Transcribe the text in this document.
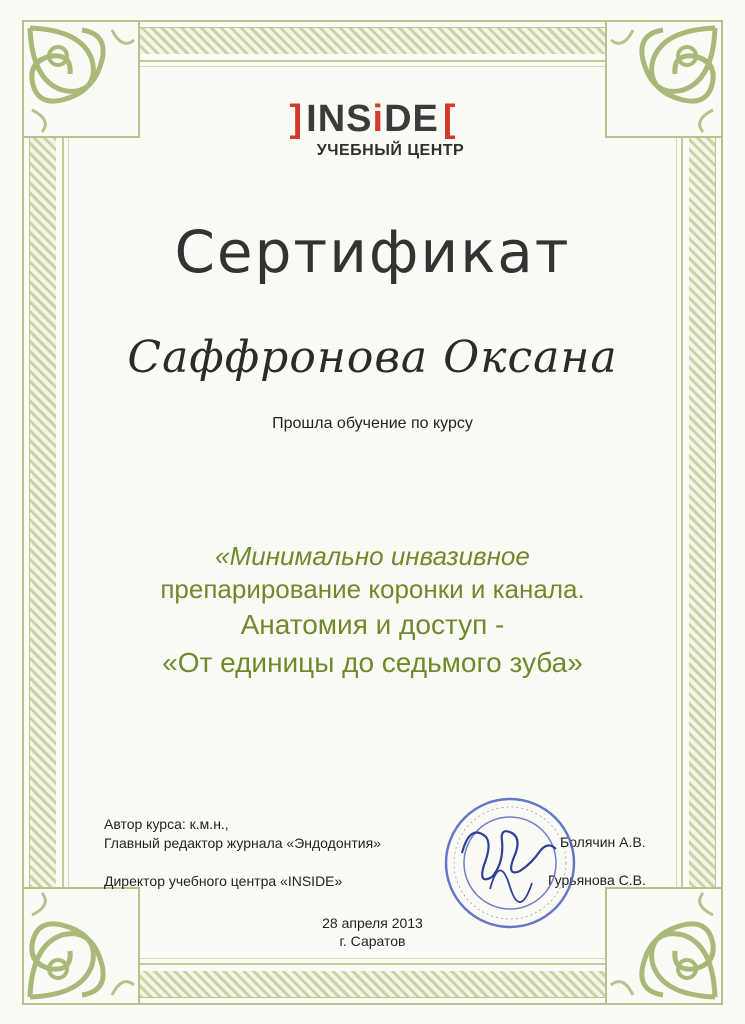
] INSiDE [
УЧЕБНЫЙ ЦЕНТР
Сертификат
Саффронова Оксана
Прошла обучение по курсу
«Минимально инвазивное
препарирование коронки и канала.
Анатомия и доступ -
«От единицы до седьмого зуба»
Автор курса: к.м.н.,
Главный редактор журнала «Эндодонтия»	Болячин А.В.
Директор учебного центра «INSIDE»	Гурьянова С.В.
28 апреля 2013
г. Саратов
